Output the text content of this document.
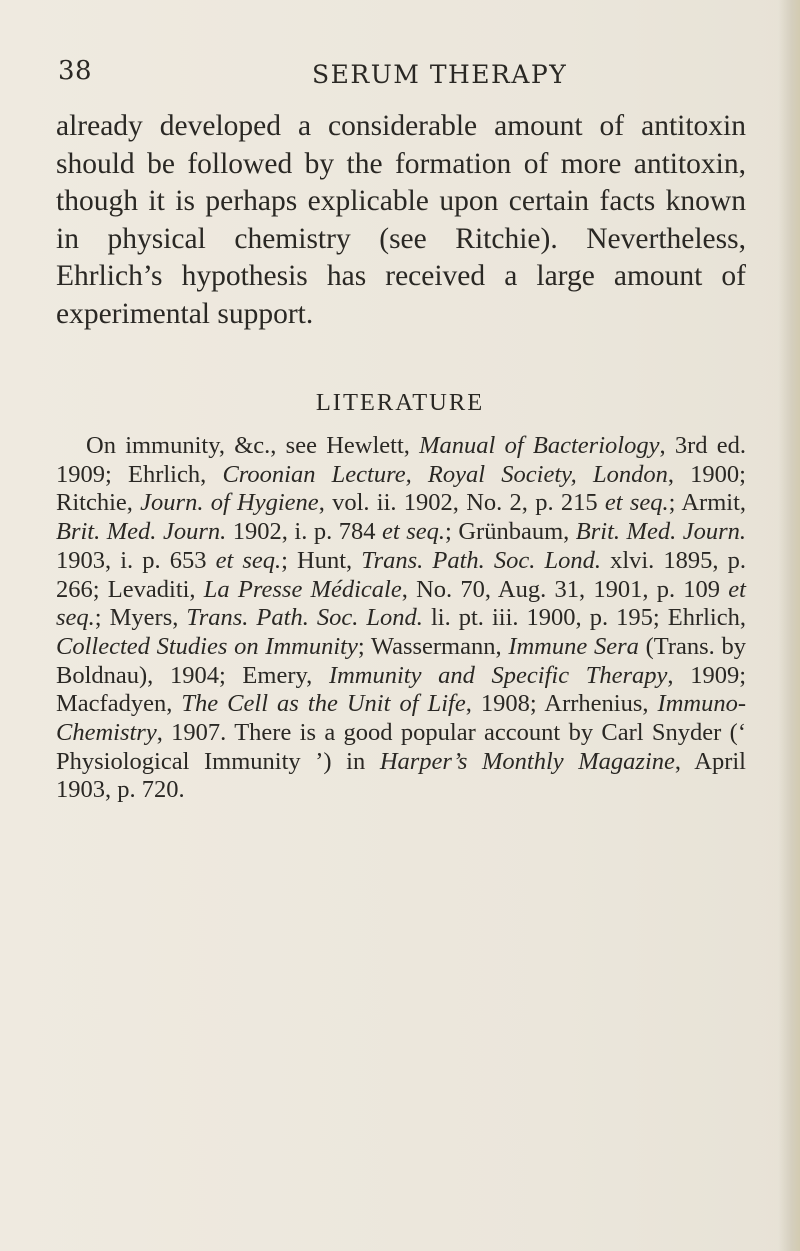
38	SERUM THERAPY

already developed a considerable amount of antitoxin should be followed by the formation of more antitoxin, though it is perhaps explicable upon certain facts known in physical chemistry (see Ritchie). Nevertheless, Ehrlich’s hypothesis has received a large amount of experimental support.

LITERATURE

On immunity, &c., see Hewlett, Manual of Bacteriology, 3rd ed. 1909; Ehrlich, Croonian Lecture, Royal Society, London, 1900; Ritchie, Journ. of Hygiene, vol. ii. 1902, No. 2, p. 215 et seq.; Armit, Brit. Med. Journ. 1902, i. p. 784 et seq.; Grünbaum, Brit. Med. Journ. 1903, i. p. 653 et seq.; Hunt, Trans. Path. Soc. Lond. xlvi. 1895, p. 266; Levaditi, La Presse Médicale, No. 70, Aug. 31, 1901, p. 109 et seq.; Myers, Trans. Path. Soc. Lond. li. pt. iii. 1900, p. 195; Ehrlich, Collected Studies on Immunity; Wassermann, Immune Sera (Trans. by Boldnau), 1904; Emery, Immunity and Specific Therapy, 1909; Macfadyen, The Cell as the Unit of Life, 1908; Arrhenius, Immuno-Chemistry, 1907. There is a good popular account by Carl Snyder (‘ Physiological Immunity ’) in Harper’s Monthly Magazine, April 1903, p. 720.
